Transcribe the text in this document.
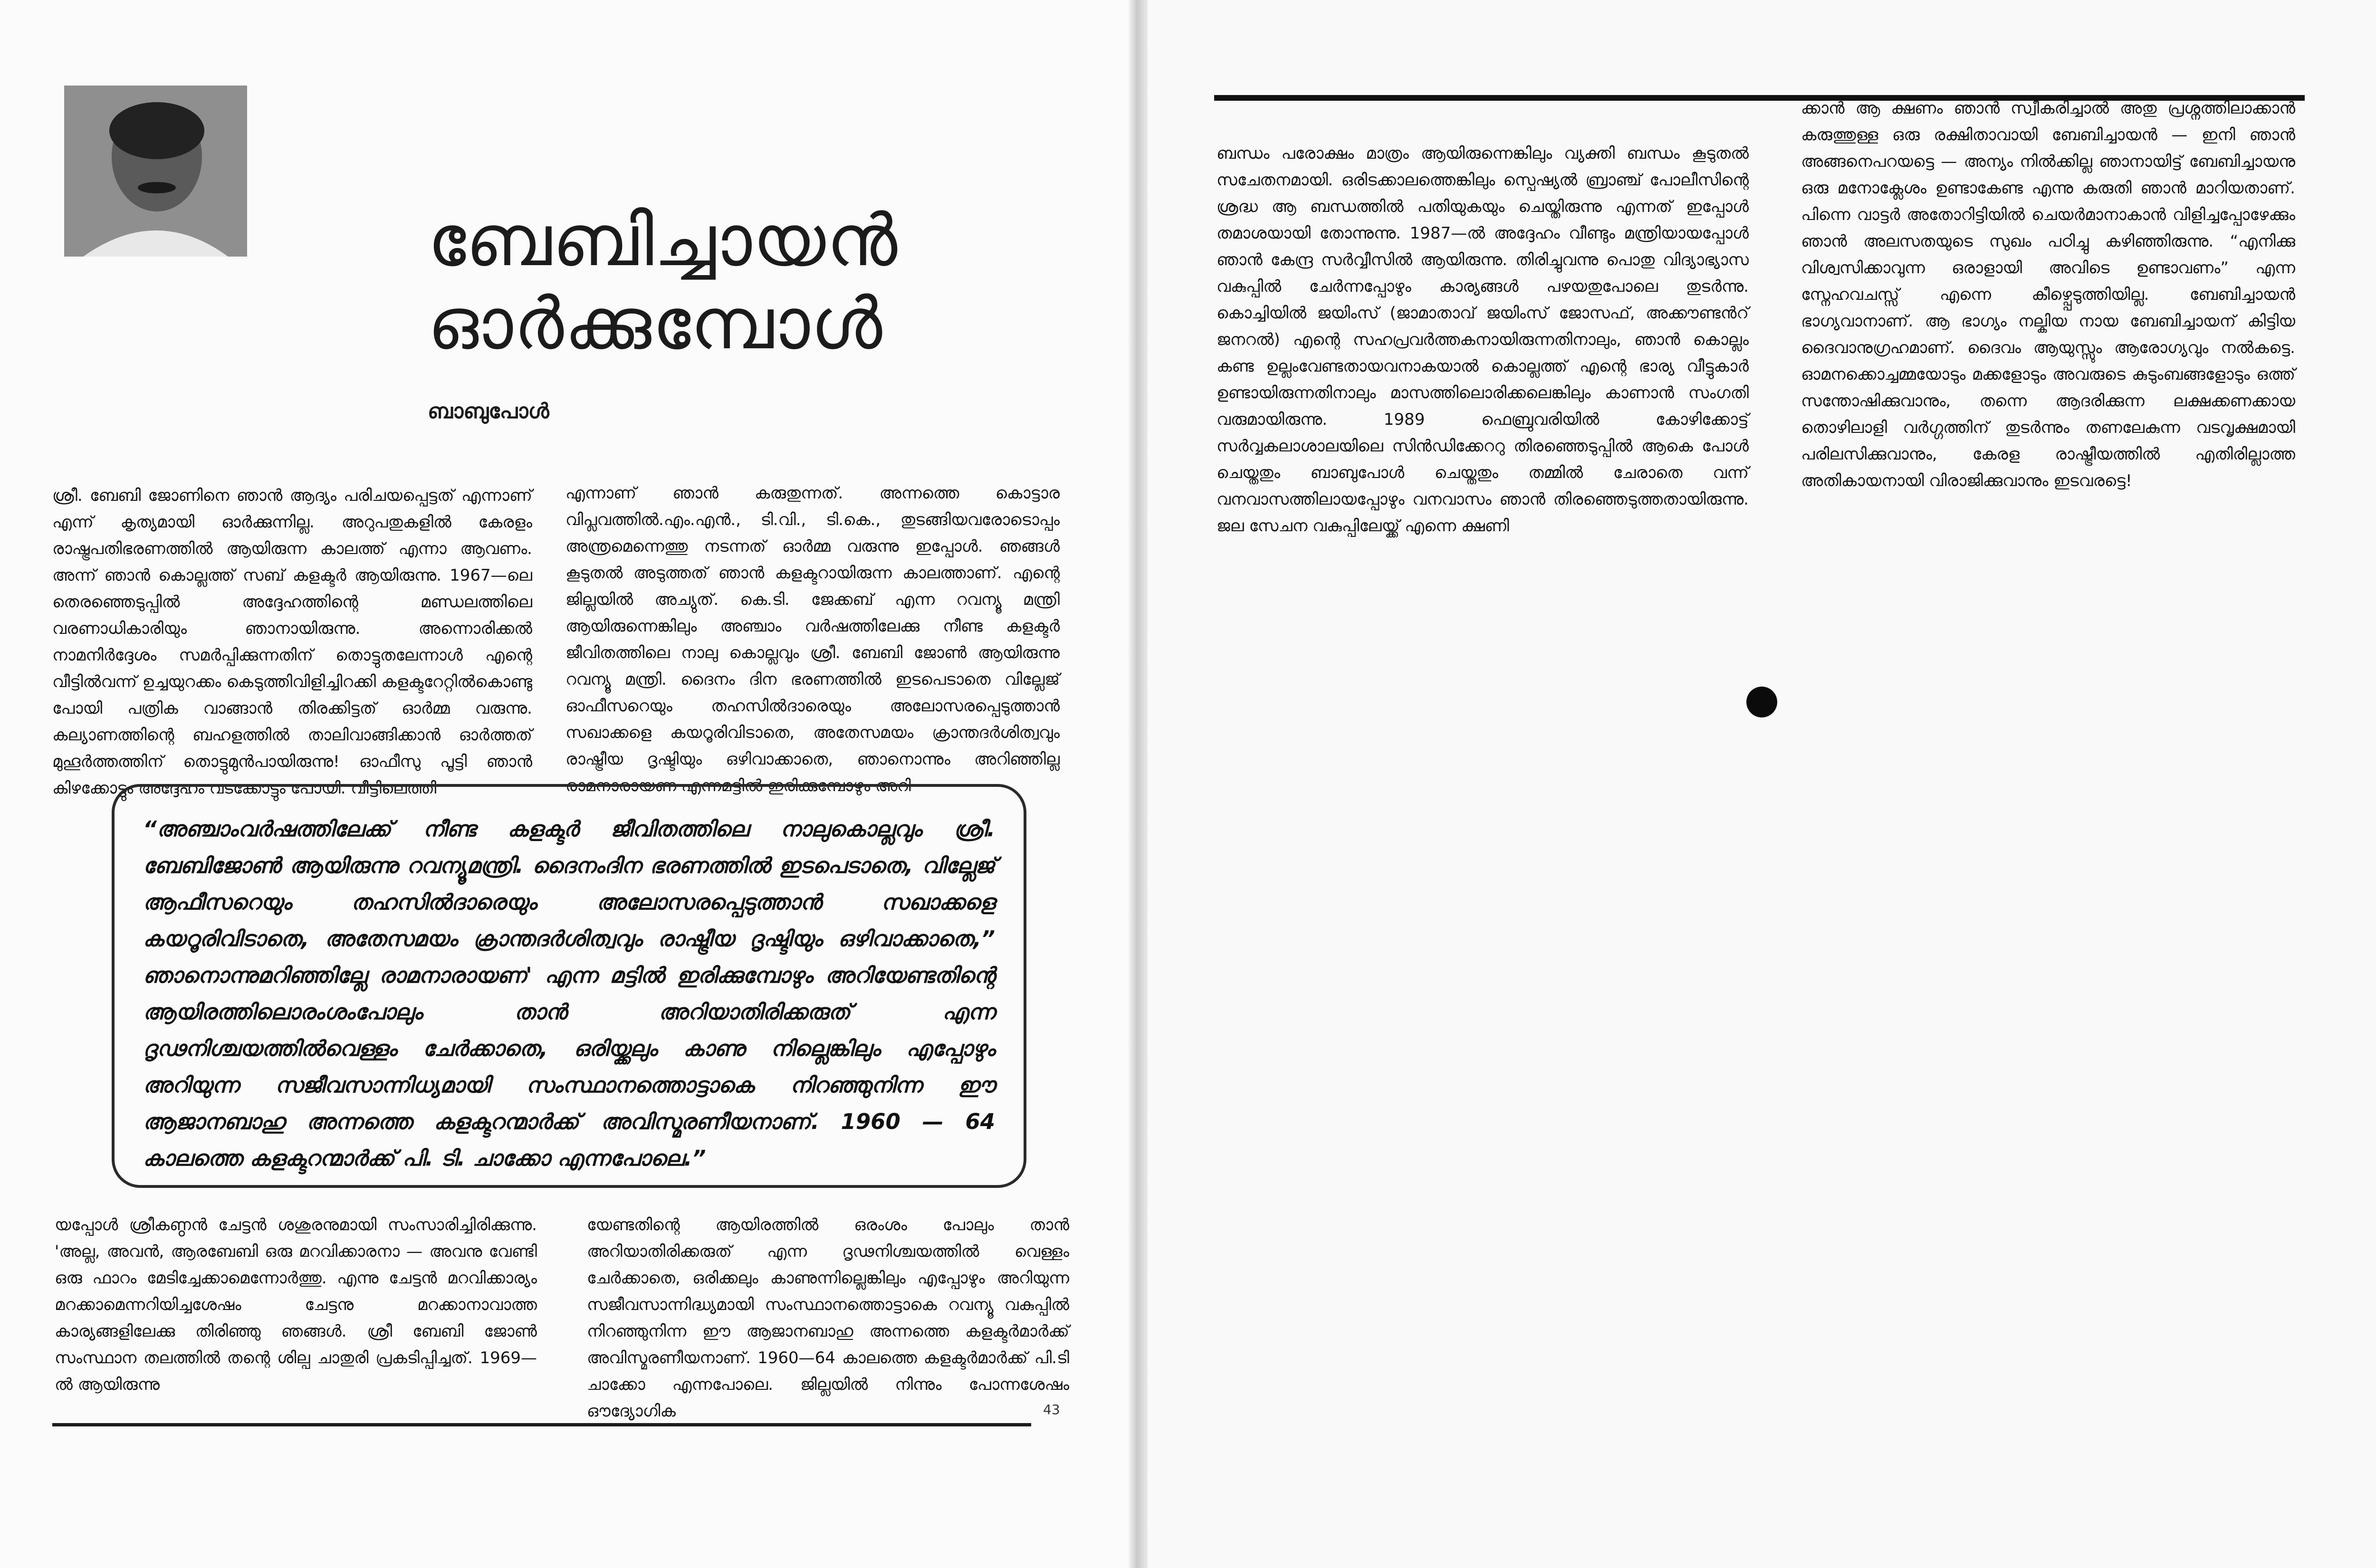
ബേബിച്ചായൻ
ഓർക്കുമ്പോൾ
ബാബുപോൾ

ശ്രീ. ബേബി ജോണിനെ ഞാൻ ആദ്യം പരിചയപ്പെട്ടത് എന്നാണ് എന്ന് കൃത്യമായി ഓർക്കുന്നില്ല. അറുപതുകളിൽ കേരളം രാഷ്ട്രപതിഭരണത്തിൽ ആയിരുന്ന കാലത്ത് എന്നാ ആവണം. അന്ന് ഞാൻ കൊല്ലത്ത് സബ് കളക്ടർ ആയിരുന്നു. 1967—ലെ തെരഞ്ഞെടുപ്പിൽ അദ്ദേഹത്തിന്റെ മണ്ഡലത്തിലെ വരണാധികാരിയും ഞാനായിരുന്നു. അന്നൊരിക്കൽ നാമനിർദ്ദേശം സമർപ്പിക്കുന്നതിന് തൊട്ടുതലേന്നാൾ എന്റെ വീട്ടിൽവന്ന് ഉച്ചയുറക്കം കെടുത്തിവിളിച്ചിറക്കി കളക്ടറേറ്റിൽകൊണ്ടു പോയി പത്രിക വാങ്ങാൻ തിരക്കിട്ടത് ഓർമ്മ വരുന്നു. കല്യാണത്തിന്റെ ബഹളത്തിൽ താലിവാങ്ങിക്കാൻ ഓർത്തത് മുഹൂർത്തത്തിന് തൊട്ടുമുൻപായിരുന്നു! ഓഫീസു പൂട്ടി ഞാൻ കിഴക്കോട്ടും അദ്ദേഹം വടക്കോട്ടും പോയി. വീട്ടിലെത്തി

എന്നാണ് ഞാൻ കരുതുന്നത്. അന്നത്തെ കൊട്ടാര വിപ്ലവത്തിൽ.എം.എൻ., ടി.വി., ടി.കെ., തുടങ്ങിയവരോടൊപ്പം അന്ത്രമെന്നെത്തു നടന്നത് ഓർമ്മ വരുന്നു ഇപ്പോൾ. ഞങ്ങൾ കൂടുതൽ അടുത്തത് ഞാൻ കളക്ടറായിരുന്ന കാലത്താണ്. എന്റെ ജില്ലയിൽ അച്യുത്. കെ.ടി. ജേക്കബ് എന്ന റവന്യൂ മന്ത്രി ആയിരുന്നെങ്കിലും അഞ്ചാം വർഷത്തിലേക്കു നീണ്ട കളക്ടർ ജീവിതത്തിലെ നാലു കൊല്ലവും ശ്രീ. ബേബി ജോൺ ആയിരുന്നു റവന്യൂ മന്ത്രി. ദൈനം ദിന ഭരണത്തിൽ ഇടപെടാതെ വില്ലേജ് ഓഫീസറെയും തഹസിൽദാരെയും അലോസരപ്പെടുത്താൻ സഖാക്കളെ കയറൂരിവിടാതെ, അതേസമയം ക്രാന്തദർശിത്വവും രാഷ്ട്രീയ ദൃഷ്ടിയും ഒഴിവാക്കാതെ, ഞാനൊന്നും അറിഞ്ഞില്ല രാമനാരായണ എന്നമട്ടിൽ ഇരിക്കുമ്പോഴും അറി

“അഞ്ചാംവർഷത്തിലേക്ക് നീണ്ട കളക്ടർ ജീവിതത്തിലെ നാലുകൊല്ലവും ശ്രീ. ബേബിജോൺ ആയിരുന്നു റവന്യൂമന്ത്രി. ദൈനംദിന ഭരണത്തിൽ ഇടപെടാതെ, വില്ലേജ് ആഫീസറെയും തഹസിൽദാരെയും അലോസരപ്പെടുത്താൻ സഖാക്കളെ കയറൂരിവിടാതെ, അതേസമയം ക്രാന്തദർശിത്വവും രാഷ്ട്രീയ ദൃഷ്ടിയും ഒഴിവാക്കാതെ,” ഞാനൊന്നുമറിഞ്ഞില്ലേ രാമനാരായണ' എന്ന മട്ടിൽ ഇരിക്കുമ്പോഴും അറിയേണ്ടതിന്റെ ആയിരത്തിലൊരംശംപോലും താൻ അറിയാതിരിക്കരുത് എന്ന ദൃഢനിശ്ചയത്തിൽവെള്ളം ചേർക്കാതെ, ഒരിയ്ക്കലും കാണു നില്ലെങ്കിലും എപ്പോഴും അറിയുന്ന സജീവസാന്നിധ്യമായി സംസ്ഥാനത്തൊട്ടാകെ നിറഞ്ഞുനിന്ന ഈ ആജാനബാഹു അന്നത്തെ കളക്ടറന്മാർക്ക് അവിസ്മരണീയനാണ്. 1960 — 64 കാലത്തെ കളക്ടറന്മാർക്ക് പി. ടി. ചാക്കോ എന്നപോലെ.”

യപ്പോൾ ശ്രീകണ്ഠൻ ചേട്ടൻ ശശുരനുമായി സംസാരിച്ചിരിക്കുന്നു. 'അല്ല, അവൻ, ആരബേബി ഒരു മറവിക്കാരനാ — അവനു വേണ്ടി ഒരു ഫാറം മേടിച്ചേക്കാമെന്നോർത്തു. എന്നു ചേട്ടൻ മറവിക്കാര്യം മറക്കാമെന്നറിയിച്ചശേഷം ചേട്ടനു മറക്കാനാവാത്ത കാര്യങ്ങളിലേക്കു തിരിഞ്ഞു ഞങ്ങൾ. ശ്രീ ബേബി ജോൺ സംസ്ഥാന തലത്തിൽ തന്റെ ശില്പ ചാതുരി പ്രകടിപ്പിച്ചത്. 1969—ൽ ആയിരുന്നു

യേണ്ടതിന്റെ ആയിരത്തിൽ ഒരംശം പോലും താൻ അറിയാതിരിക്കരുത് എന്ന ദൃഢനിശ്ചയത്തിൽ വെള്ളം ചേർക്കാതെ, ഒരിക്കലും കാണുന്നില്ലെങ്കിലും എപ്പോഴും അറിയുന്ന സജീവസാന്നിദ്ധ്യമായി സംസ്ഥാനത്തൊട്ടാകെ റവന്യൂ വകുപ്പിൽ നിറഞ്ഞുനിന്ന ഈ ആജാനബാഹു അന്നത്തെ കളക്ടർമാർക്ക് അവിസ്മരണീയനാണ്. 1960—64 കാലത്തെ കളക്ടർമാർക്ക് പി.ടി ചാക്കോ എന്നപോലെ. ജില്ലയിൽ നിന്നും പോന്നശേഷം ഔദ്യോഗിക	43

ബന്ധം പരോക്ഷം മാത്രം ആയിരുന്നെങ്കിലും വ്യക്തി ബന്ധം കൂടുതൽ സചേതനമായി. ഒരിടക്കാലത്തെങ്കിലും സ്പെഷ്യൽ ബ്രാഞ്ച് പോലീസിന്റെ ശ്രദ്ധ ആ ബന്ധത്തിൽ പതിയുകയും ചെയ്തിരുന്നു എന്നത് ഇപ്പോൾ തമാശയായി തോന്നുന്നു. 1987—ൽ അദ്ദേഹം വീണ്ടും മന്ത്രിയായപ്പോൾ ഞാൻ കേന്ദ്ര സർവ്വീസിൽ ആയിരുന്നു. തിരിച്ചുവന്നു പൊതു വിദ്യാഭ്യാസ വകുപ്പിൽ ചേർന്നപ്പോഴും കാര്യങ്ങൾ പഴയതുപോലെ തുടർന്നു. കൊച്ചിയിൽ ജയിംസ് (ജാമാതാവ് ജയിംസ് ജോസഫ്, അക്കൗണ്ടൻറ് ജനറൽ) എന്റെ സഹപ്രവർത്തകനായിരുന്നതിനാലും, ഞാൻ കൊല്ലം കണ്ട ഉല്ലംവേണ്ടതായവനാകയാൽ കൊല്ലത്ത് എന്റെ ഭാര്യ വീട്ടുകാർ ഉണ്ടായിരുന്നതിനാലും മാസത്തിലൊരിക്കലെങ്കിലും കാണാൻ സംഗതി വരുമായിരുന്നു. 1989 ഫെബ്രുവരിയിൽ കോഴിക്കോട്ട് സർവ്വകലാശാലയിലെ സിൻഡിക്കേററു തിരഞ്ഞെടുപ്പിൽ ആകെ പോൾ ചെയ്തതും ബാബുപോൾ ചെയ്തതും തമ്മിൽ ചേരാതെ വന്ന് വനവാസത്തിലായപ്പോഴും വനവാസം ഞാൻ തിരഞ്ഞെടുത്തതായിരുന്നു. ജല സേചന വകുപ്പിലേയ്ക്ക് എന്നെ ക്ഷണി

ക്കാൻ ആ ക്ഷണം ഞാൻ സ്വീകരിച്ചാൽ അതു പ്രശ്നത്തിലാക്കാൻ കരുത്തുള്ള ഒരു രക്ഷിതാവായി ബേബിച്ചായൻ — ഇനി ഞാൻ അങ്ങനെപറയട്ടെ — അന്യം നിൽക്കില്ല ഞാനായിട്ട് ബേബിച്ചായനു ഒരു മനോക്ലേശം ഉണ്ടാകേണ്ട എന്നു കരുതി ഞാൻ മാറിയതാണ്. പിന്നെ വാട്ടർ അതോറിട്ടിയിൽ ചെയർമാനാകാൻ വിളിച്ചപ്പോഴേക്കും ഞാൻ അലസതയുടെ സുഖം പഠിച്ചു കഴിഞ്ഞിരുന്നു. “എനിക്കു വിശ്വസിക്കാവുന്ന ഒരാളായി അവിടെ ഉണ്ടാവണം” എന്ന സ്നേഹവചസ്സ് എന്നെ കീഴ്പ്പെടുത്തിയില്ല. ബേബിച്ചായൻ ഭാഗ്യവാനാണ്. ആ ഭാഗ്യം നല്കിയ നായ ബേബിച്ചായന് കിട്ടിയ ദൈവാനുഗ്രഹമാണ്. ദൈവം ആയുസ്സും ആരോഗ്യവും നൽകട്ടെ. ഓമനക്കൊച്ചമ്മയോടും മക്കളോടും അവരുടെ കുടുംബങ്ങളോടും ഒത്ത് സന്തോഷിക്കുവാനും, തന്നെ ആദരിക്കുന്ന ലക്ഷക്കണക്കായ തൊഴിലാളി വർഗ്ഗത്തിന് തുടർന്നും തണലേകുന്ന വടവൃക്ഷമായി പരിലസിക്കുവാനും, കേരള രാഷ്ട്രീയത്തിൽ എതിരില്ലാത്ത അതികായനായി വിരാജിക്കുവാനും ഇടവരട്ടെ!
